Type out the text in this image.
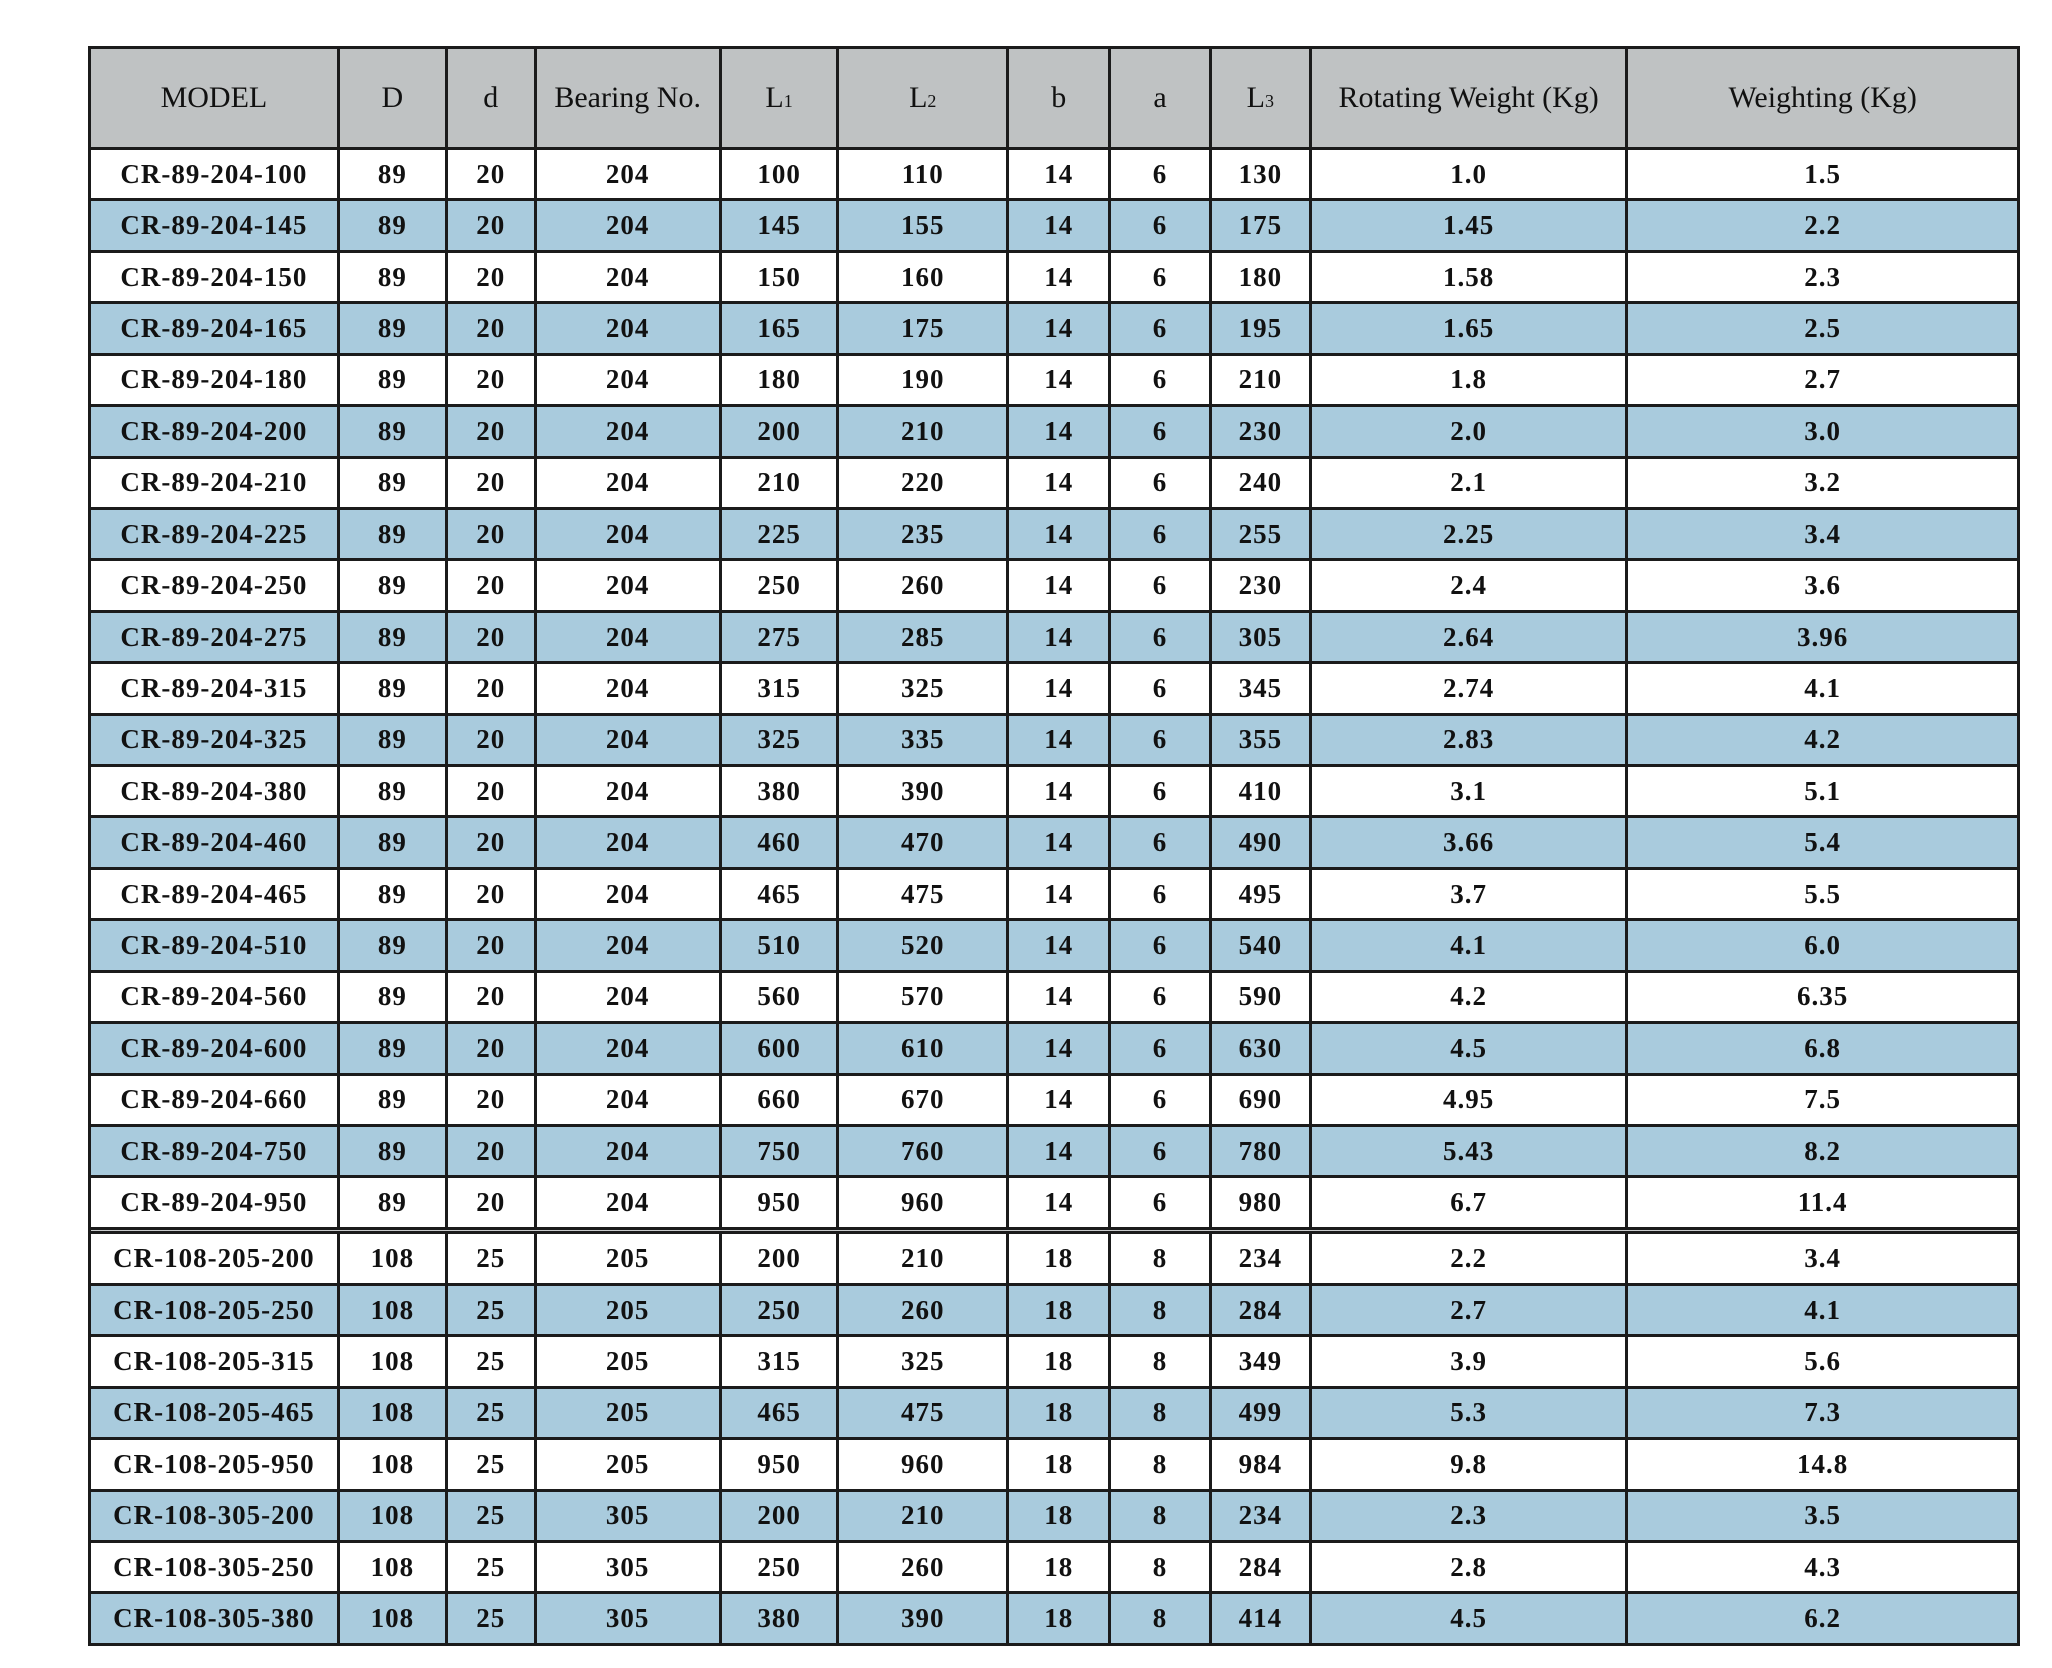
MODEL	D	d	Bearing No.	L1	L2	b	a	L3	Rotating Weight (Kg)	Weighting (Kg)
CR-89-204-100	89	20	204	100	110	14	6	130	1.0	1.5
CR-89-204-145	89	20	204	145	155	14	6	175	1.45	2.2
CR-89-204-150	89	20	204	150	160	14	6	180	1.58	2.3
CR-89-204-165	89	20	204	165	175	14	6	195	1.65	2.5
CR-89-204-180	89	20	204	180	190	14	6	210	1.8	2.7
CR-89-204-200	89	20	204	200	210	14	6	230	2.0	3.0
CR-89-204-210	89	20	204	210	220	14	6	240	2.1	3.2
CR-89-204-225	89	20	204	225	235	14	6	255	2.25	3.4
CR-89-204-250	89	20	204	250	260	14	6	230	2.4	3.6
CR-89-204-275	89	20	204	275	285	14	6	305	2.64	3.96
CR-89-204-315	89	20	204	315	325	14	6	345	2.74	4.1
CR-89-204-325	89	20	204	325	335	14	6	355	2.83	4.2
CR-89-204-380	89	20	204	380	390	14	6	410	3.1	5.1
CR-89-204-460	89	20	204	460	470	14	6	490	3.66	5.4
CR-89-204-465	89	20	204	465	475	14	6	495	3.7	5.5
CR-89-204-510	89	20	204	510	520	14	6	540	4.1	6.0
CR-89-204-560	89	20	204	560	570	14	6	590	4.2	6.35
CR-89-204-600	89	20	204	600	610	14	6	630	4.5	6.8
CR-89-204-660	89	20	204	660	670	14	6	690	4.95	7.5
CR-89-204-750	89	20	204	750	760	14	6	780	5.43	8.2
CR-89-204-950	89	20	204	950	960	14	6	980	6.7	11.4

CR-108-205-200	108	25	205	200	210	18	8	234	2.2	3.4
CR-108-205-250	108	25	205	250	260	18	8	284	2.7	4.1
CR-108-205-315	108	25	205	315	325	18	8	349	3.9	5.6
CR-108-205-465	108	25	205	465	475	18	8	499	5.3	7.3
CR-108-205-950	108	25	205	950	960	18	8	984	9.8	14.8
CR-108-305-200	108	25	305	200	210	18	8	234	2.3	3.5
CR-108-305-250	108	25	305	250	260	18	8	284	2.8	4.3
CR-108-305-380	108	25	305	380	390	18	8	414	4.5	6.2
